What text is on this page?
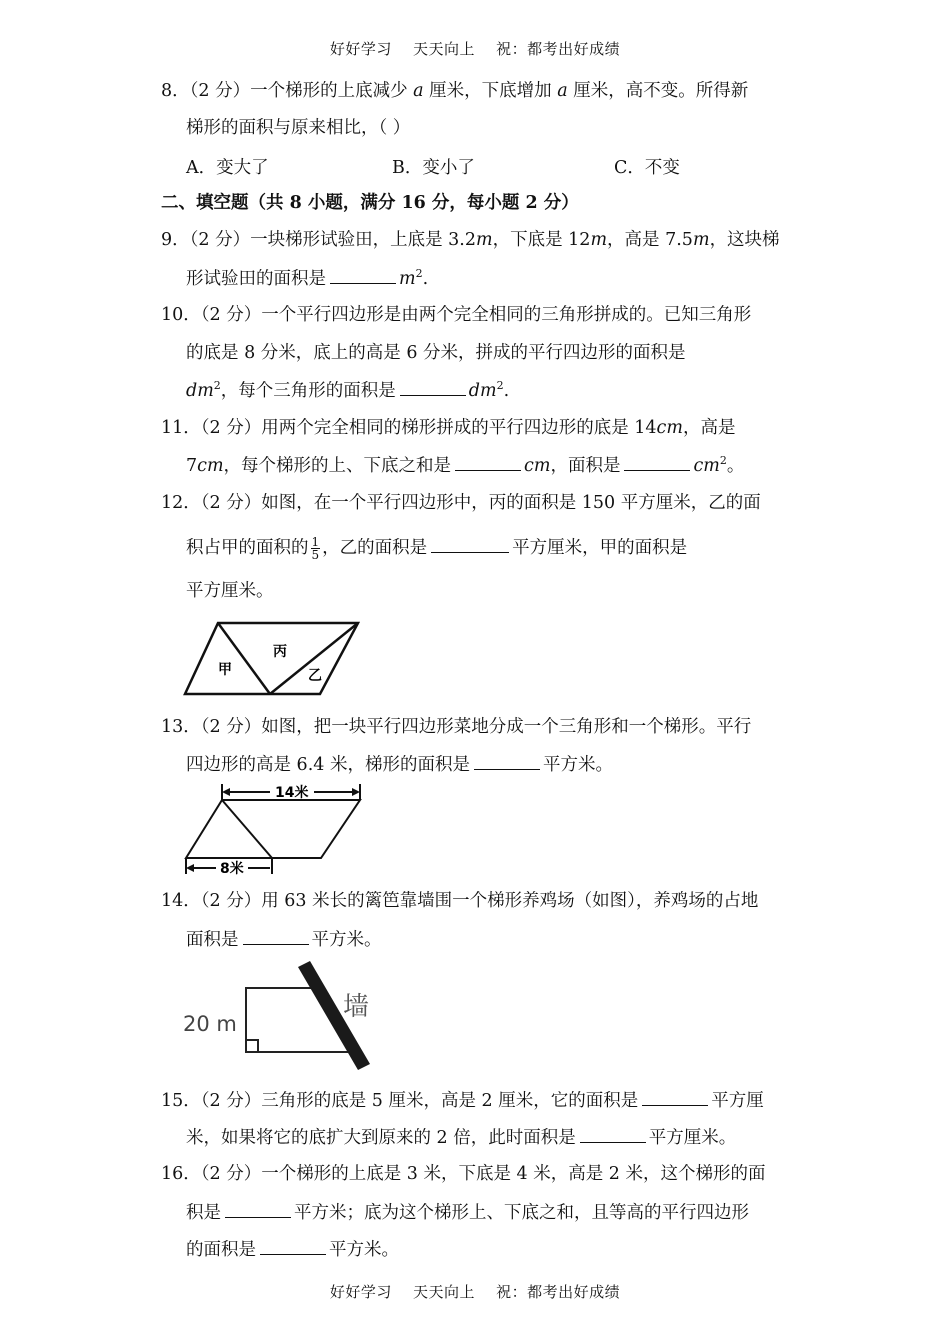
好好学习    天天向上    祝：都考出好成绩
8．（2 分）一个梯形的上底减少 a 厘米，下底增加 a 厘米，高不变。所得新
梯形的面积与原来相比，（ ）
A．变大了	B．变小了	C．不变
二、填空题（共 8 小题，满分 16 分，每小题 2 分）
9．（2 分）一块梯形试验田，上底是 3.2m，下底是 12m，高是 7.5m，这块梯
形试验田的面积是	$m^2$.
10．（2 分）一个平行四边形是由两个完全相同的三角形拼成的。已知三角形
的底是 8 分米，底上的高是 6 分米，拼成的平行四边形的面积是
$dm^2$，每个三角形的面积是	$dm^2$.
11．（2 分）用两个完全相同的梯形拼成的平行四边形的底是 14cm，高是
7cm，每个梯形的上、下底之和是	cm，面积是	$cm^2$。
12．（2 分）如图，在一个平行四边形中，丙的面积是 150 平方厘米，乙的面
积占甲的面积的 $\frac{1}{5}$ ，乙的面积是	平方厘米，甲的面积是
平方厘米。
甲
丙
乙
13．（2 分）如图，把一块平行四边形菜地分成一个三角形和一个梯形。平行
四边形的高是 6.4 米，梯形的面积是	平方米。
14米
8米
14．（2 分）用 63 米长的篱笆靠墙围一个梯形养鸡场（如图），养鸡场的占地
面积是	平方米。
20 m
墙
15．（2 分）三角形的底是 5 厘米，高是 2 厘米，它的面积是	平方厘
米，如果将它的底扩大到原来的 2 倍，此时面积是	平方厘米。
16．（2 分）一个梯形的上底是 3 米，下底是 4 米，高是 2 米，这个梯形的面
积是	平方米；底为这个梯形上、下底之和，且等高的平行四边形
的面积是	平方米。
好好学习    天天向上    祝：都考出好成绩
